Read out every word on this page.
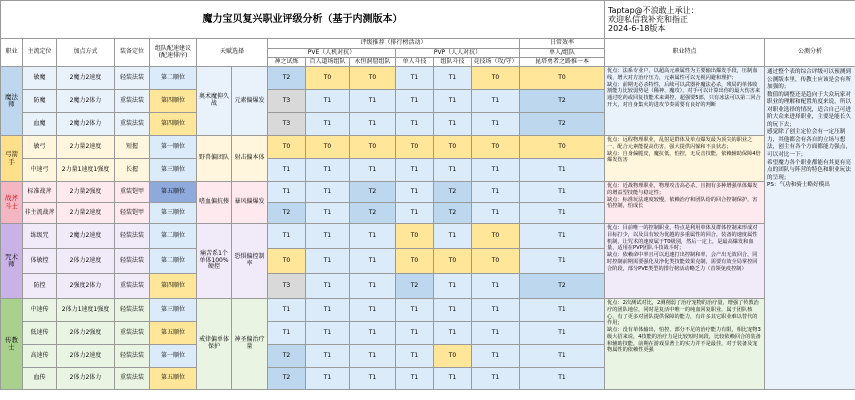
魔力宝贝复兴职业评级分析（基于内测版本）														Taptap@不浪敢上承让：
欢迎私信我补充和指正
2024-6-18版本	

职业	主流定位	加点方式	装备定位	组队配速建议(配速排序)	天赋选择		评级推荐（排行榜活动）						日常效率	职业特点	公测分析
							PVE（人机对抗）			PVP（人人对抗）			单人/组队		
							神之试炼	百人道场组队	永恒洞窟组队	单人斗技	组队斗技	竞技场（攻/守）	昆塔勇者之路推一本		
魔法师	敏魔	2魔力2速度	轻装法装	第二顺位	奥术魔抑久战	元素偏爆发	T2	T0	T0	T1	T1	T0	T0	优点：法系专业户，以超高元素属性为主要输出爆发手段，压制血线，增大对方治疗压力，元素属性可以无视闪避和理护；
缺点：前期无必杀特性，后续可以武器补魔法必杀，残局的单体收割能力比较弱势是（稀神、魔攻），对手可以计算出你的最大伤害来通过吃药或回复技能术来调控，超强要5部，只有冰法可以第二回合开大，对自身集火的进攻节奏需要有良好的判断	通过整个表的综合评级可以预测到公测版本里，传教士应该是会有所加强的；
数值的调整还是趋向于大众玩家对职业的理解和配置角度来说，所以对职业选择的情况，适合自己可进阶大众来进择职业，主要是能长久的玩下去；
感觉除了创主定位会有一定压制力，其他都会有各自的立场与想法，创主有各个方面都能力强点，可以对比一下；
希望魔力各个职业都能有其更有亮点的团队与阵营的特色和职业玩法的呈现；
PS：气功和骑士略好模出
	防魔	2魔力2体力	重装法装	第四顺位			T3	T1	T1	T1	T1	T1	T2		
	血魔	2魔力2体力	重装法装	第四顺位			T3	T1	T1	T1	T1	T1	T2		
弓箭手	敏弓	2力量2速度	短握	第一顺位	野兽偏团队	射击偏本体	T0	T0	T0	T0	T0	T0	T0	优点：远程物理职业，乱射是群体及单点爆发最为顶尖的职业之一，配合元素能提高伤害，强大提供闪躲和不良状态；
缺点：自身偏脆皮，魔抗低，怕控，无反击技能，依赖辅助保障4倍爆发伤害	
	中速弓	2力量1速度1强度	长握	第三顺位			T1	T1	T1	T1	T1	T1	T1		
战斧斗士	标准战斧	2力量2强度	重装铠甲	第五顺位	嗜血偏抗揍	暴风偏爆发	T1	T1	T2	T1	T2	T1	T1	优点：近战物理职业，物理攻击高必杀，且拥有多种增强单体爆发的增益型技能与稳定性；
缺点：标准玩法速度较慢，依赖治疗和团队给的回合控制保护，害怕控制，怕成长	
	非主流战斧	2力量2速度	轻装铠甲	第三顺位			T2	T1	T2	T1	T2	T1	T1		
咒术师	练级咒	2魔力2速度	轻装法装	第二顺位	痛苦系1个单体100%硬控	恐惧偏控制率	T1	T1	T1	T0	T1	T0	T1	优点：目前唯一的控制职业，特点是利用单体及群体控制来形成对目标打少，以及具有较为优越的多重属性的回合，装备的速度属性机制，让咒术的速度属于T0级别，然后一定上，是最高爆发和血量，适用在PVP团队斗技战斗时；
缺点：依赖命中率且可以迅速打出控制和率，会产出无效回合，同时控制前期需要强化及净化类技能效果克制，需要有效全局掌控回合阶段，部分PVE类型的排行榜活动略乏力（首领免疫控制）	
	体敏控	2体力2速度	轻装法装	第二顺位			T0	T1	T1	T0	T0	T0	T1		
	防控	2强度2体力	重装法装	第四顺位			T3	T1	T1	T2	T1	T1	T2		
传教士	中速传	2体力1速度1强度	轻装法装	第三顺位	戒律偏单体保护	神圣偏治疗量	T1	T1	T1	T1	T1	T1	T1	优点：2次测试对比，2测削弱了治疗宠物的治疗量，增强了传教治疗的团队地位，同时是复活中唯一的纯血回复职业，属于团队核心，有了更多对团队提供保障的能力，有许多其它职业难以替代的作用；
缺点：没有单体输出，怕控，部分不足的治疗能力有限，相比宠物3级大招来说，4技能的治疗力是比较短时间段，比较依赖回合的装备和辅助技能，前期在游戏显著上的实力并不是最佳，对于装备及宠物属性的依赖性更强	
	低速传	2体力2强度	重装法装	第五顺位			T1	T1	T1	T1	T1	T1	T1		
	高速传	2体力2速度	轻装法装	第一顺位			T2	T1	T1	T1	T0	T1	T1		
	血传	2体力2体力	重装法装	第五顺位			T2	T1	T1	T1	T1	T1	T1		
